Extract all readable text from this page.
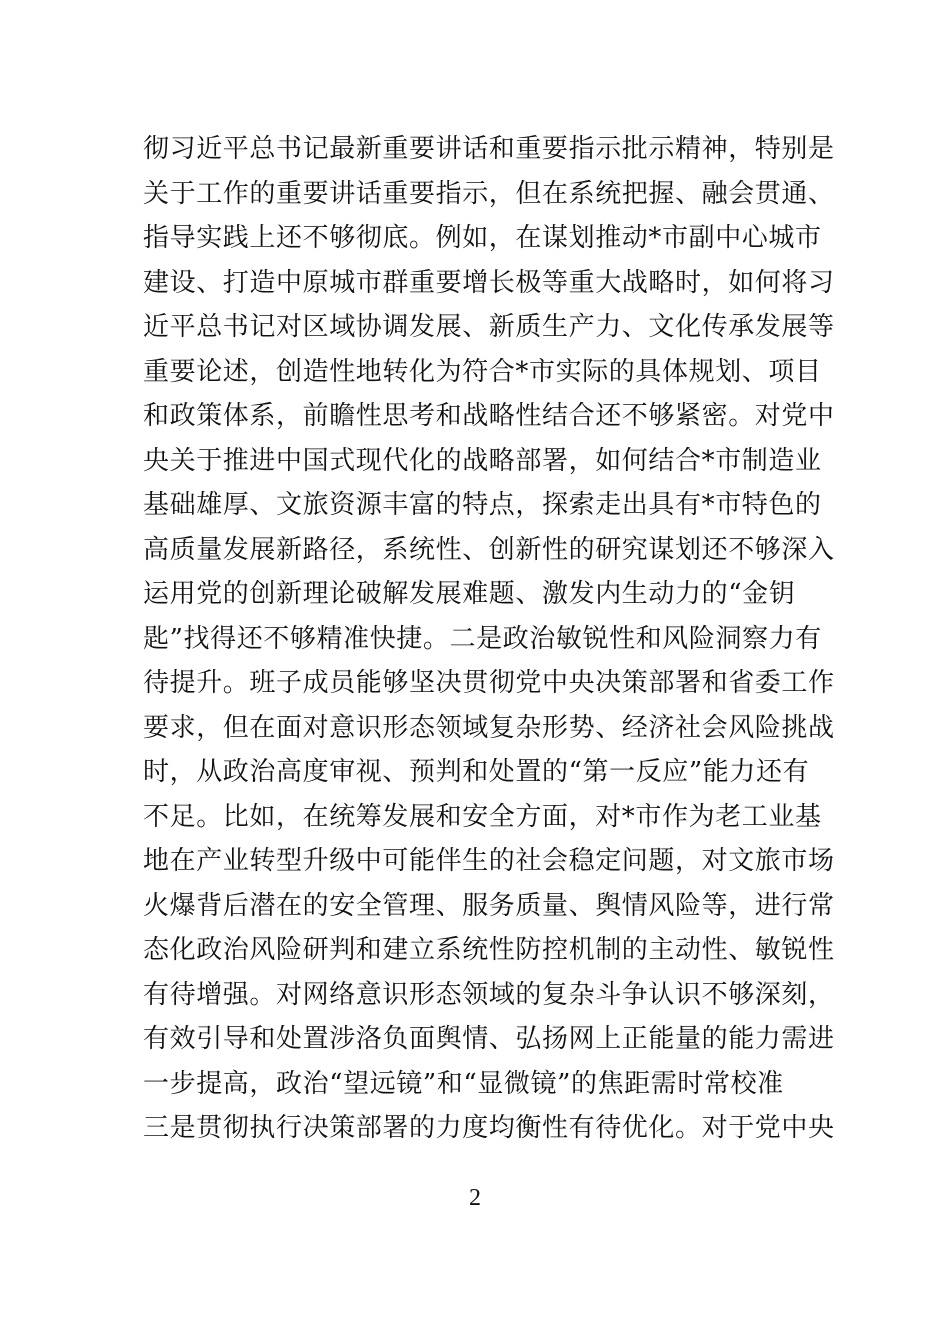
彻习近平总书记最新重要讲话和重要指示批示精神，特别是
关于工作的重要讲话重要指示，但在系统把握、融会贯通、
指导实践上还不够彻底。例如，在谋划推动*市副中心城市
建设、打造中原城市群重要增长极等重大战略时，如何将习
近平总书记对区域协调发展、新质生产力、文化传承发展等
重要论述，创造性地转化为符合*市实际的具体规划、项目
和政策体系，前瞻性思考和战略性结合还不够紧密。对党中
央关于推进中国式现代化的战略部署，如何结合*市制造业
基础雄厚、文旅资源丰富的特点，探索走出具有*市特色的
高质量发展新路径，系统性、创新性的研究谋划还不够深入
运用党的创新理论破解发展难题、激发内生动力的“金钥
匙”找得还不够精准快捷。二是政治敏锐性和风险洞察力有
待提升。班子成员能够坚决贯彻党中央决策部署和省委工作
要求，但在面对意识形态领域复杂形势、经济社会风险挑战
时，从政治高度审视、预判和处置的“第一反应”能力还有
不足。比如，在统筹发展和安全方面，对*市作为老工业基
地在产业转型升级中可能伴生的社会稳定问题，对文旅市场
火爆背后潜在的安全管理、服务质量、舆情风险等，进行常
态化政治风险研判和建立系统性防控机制的主动性、敏锐性
有待增强。对网络意识形态领域的复杂斗争认识不够深刻，
有效引导和处置涉洛负面舆情、弘扬网上正能量的能力需进
一步提高，政治“望远镜”和“显微镜”的焦距需时常校准
三是贯彻执行决策部署的力度均衡性有待优化。对于党中央
2
